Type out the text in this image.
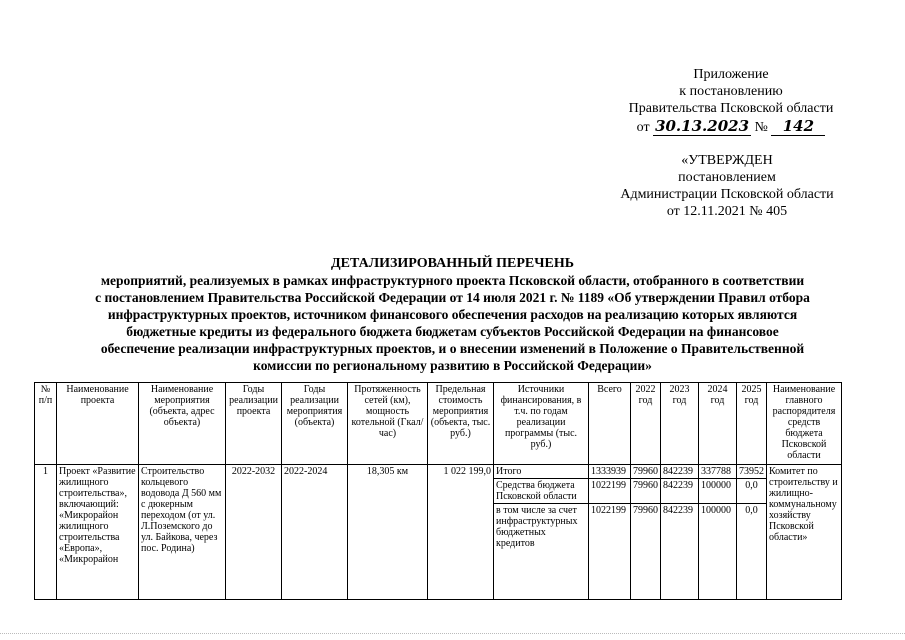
Приложение
к постановлению
Правительства Псковской области
от 30.13.2023 № 142
«УТВЕРЖДЕН
постановлением
Администрации Псковской области
от 12.11.2021 № 405
ДЕТАЛИЗИРОВАННЫЙ ПЕРЕЧЕНЬ
мероприятий, реализуемых в рамках инфраструктурного проекта Псковской области, отобранного в соответствии
с постановлением Правительства Российской Федерации от 14 июля 2021 г. № 1189 «Об утверждении Правил отбора
инфраструктурных проектов, источником финансового обеспечения расходов на реализацию которых являются
бюджетные кредиты из федерального бюджета бюджетам субъектов Российской Федерации на финансовое
обеспечение реализации инфраструктурных проектов, и о внесении изменений в Положение о Правительственной
комиссии по региональному развитию в Российской Федерации»
№ п/п	Наименование проекта	Наименование мероприятия (объекта, адрес объекта)	Годы реализации проекта	Годы реализации мероприятия (объекта)	Протяженность сетей (км), мощность котельной (Гкал/час)	Предельная стоимость мероприятия (объекта, тыс. руб.)	Источники финансирования, в т.ч. по годам реализации программы (тыс. руб.)	Всего	2022 год	2023 год	2024 год	2025 год	Наименование главного распорядителя средств бюджета Псковской области
1	Проект «Развитие жилищного строительства», включающий: «Микрорайон жилищного строительства «Европа», «Микрорайон	Строительство кольцевого водовода Д 560 мм с дюкерным переходом (от ул. Л.Поземского до ул. Байкова, через пос. Родина)	2022-2032	2022-2024	18,305 км	1 022 199,0	Итого	1333939	79960	842239	337788	73952	Комитет по строительству и жилищно-коммунальному хозяйству Псковской области»
							Средства бюджета Псковской области	1022199	79960	842239	100000	0,0	
							в том числе за счет инфраструктурных бюджетных кредитов	1022199	79960	842239	100000	0,0	
